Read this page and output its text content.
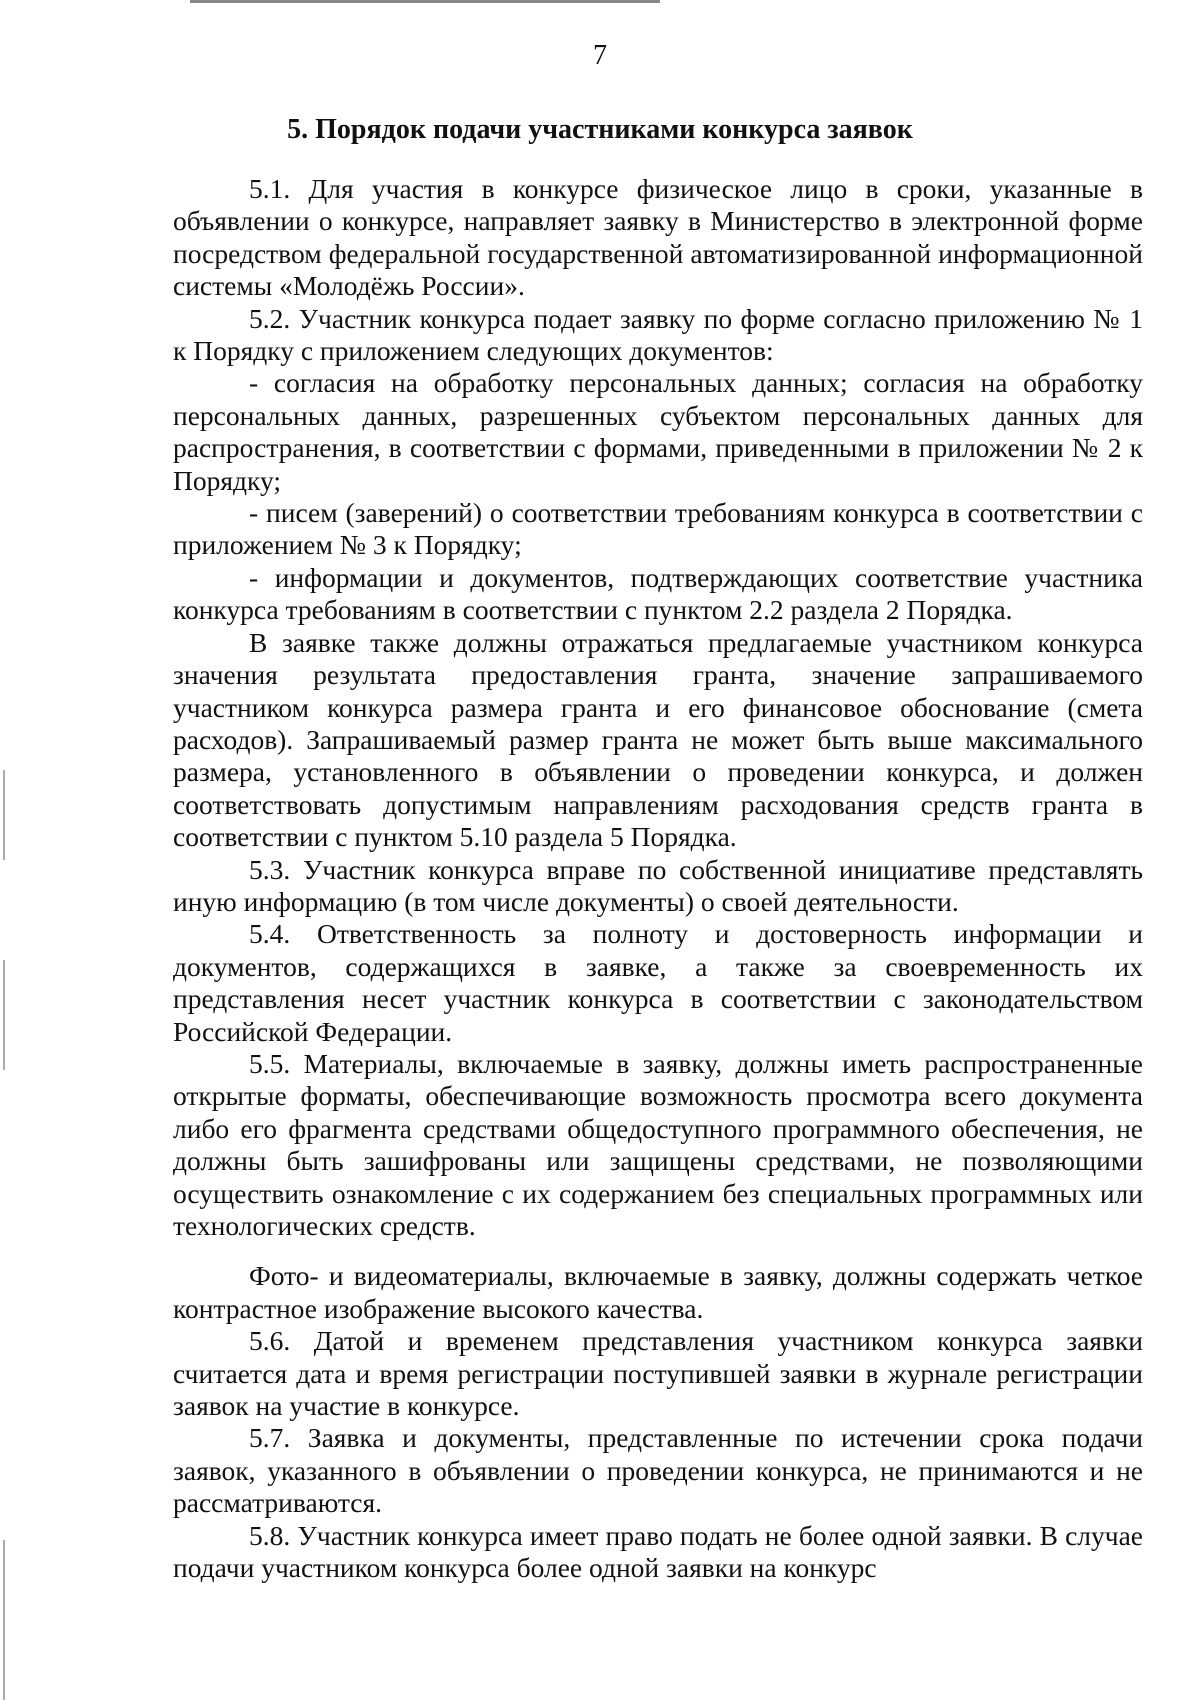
7
5. Порядок подачи участниками конкурса заявок

5.1. Для участия в конкурсе физическое лицо в сроки, указанные в объявлении о конкурсе, направляет заявку в Министерство в электронной форме посредством федеральной государственной автоматизированной информационной системы «Молодёжь России».

5.2. Участник конкурса подает заявку по форме согласно приложению № 1 к Порядку с приложением следующих документов:

- согласия на обработку персональных данных; согласия на обработку персональных данных, разрешенных субъектом персональных данных для распространения, в соответствии с формами, приведенными в приложении № 2 к Порядку;

- писем (заверений) о соответствии требованиям конкурса в соответствии с приложением № 3 к Порядку;

- информации и документов, подтверждающих соответствие участника конкурса требованиям в соответствии с пунктом 2.2 раздела 2 Порядка.

В заявке также должны отражаться предлагаемые участником конкурса значения результата предоставления гранта, значение запрашиваемого участником конкурса размера гранта и его финансовое обоснование (смета расходов). Запрашиваемый размер гранта не может быть выше максимального размера, установленного в объявлении о проведении конкурса, и должен соответствовать допустимым направлениям расходования средств гранта в соответствии с пунктом 5.10 раздела 5 Порядка.

5.3. Участник конкурса вправе по собственной инициативе представлять иную информацию (в том числе документы) о своей деятельности.

5.4. Ответственность за полноту и достоверность информации и документов, содержащихся в заявке, а также за своевременность их представления несет участник конкурса в соответствии с законодательством Российской Федерации.

5.5. Материалы, включаемые в заявку, должны иметь распространенные открытые форматы, обеспечивающие возможность просмотра всего документа либо его фрагмента средствами общедоступного программного обеспечения, не должны быть зашифрованы или защищены средствами, не позволяющими осуществить ознакомление с их содержанием без специальных программных или технологических средств.

Фото- и видеоматериалы, включаемые в заявку, должны содержать четкое контрастное изображение высокого качества.

5.6. Датой и временем представления участником конкурса заявки считается дата и время регистрации поступившей заявки в журнале регистрации заявок на участие в конкурсе.

5.7. Заявка и документы, представленные по истечении срока подачи заявок, указанного в объявлении о проведении конкурса, не принимаются и не рассматриваются.

5.8. Участник конкурса имеет право подать не более одной заявки. В случае подачи участником конкурса более одной заявки на конкурс
